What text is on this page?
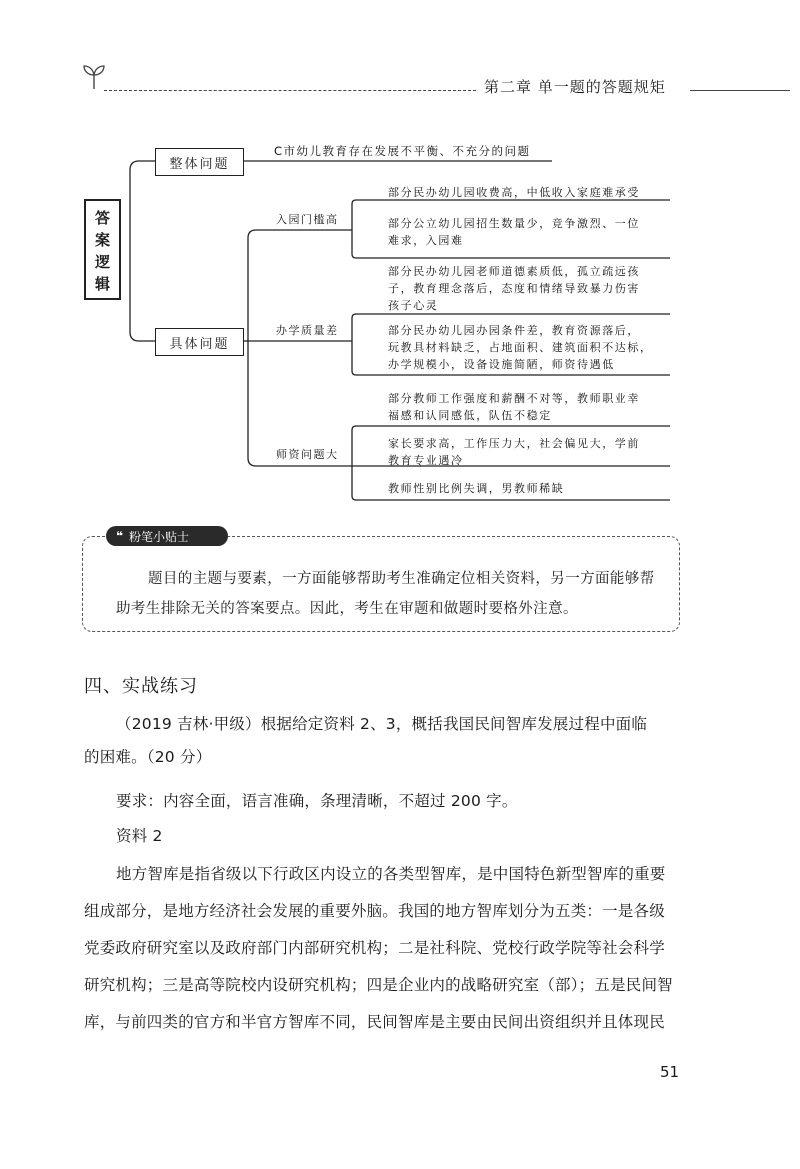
第二章 单一题的答题规矩
答
案
逻
辑
整体问题
C市幼儿教育存在发展不平衡、不充分的问题
具体问题
入园门槛高
办学质量差
师资问题大
部分民办幼儿园收费高，中低收入家庭难承受
部分公立幼儿园招生数量少，竞争激烈、一位
难求，入园难
部分民办幼儿园老师道德素质低，孤立疏远孩
子，教育理念落后，态度和情绪导致暴力伤害
孩子心灵
部分民办幼儿园办园条件差，教育资源落后，
玩教具材料缺乏，占地面积、建筑面积不达标，
办学规模小，设备设施简陋，师资待遇低
部分教师工作强度和薪酬不对等，教师职业幸
福感和认同感低，队伍不稳定
家长要求高，工作压力大，社会偏见大，学前
教育专业遇冷
教师性别比例失调，男教师稀缺
❝ 粉笔小贴士
题目的主题与要素，一方面能够帮助考生准确定位相关资料，另一方面能够帮
助考生排除无关的答案要点。因此，考生在审题和做题时要格外注意。
四、实战练习
（2019 吉林·甲级）根据给定资料 2、3，概括我国民间智库发展过程中面临
的困难。（20 分）
要求：内容全面，语言准确，条理清晰，不超过 200 字。
资料 2
地方智库是指省级以下行政区内设立的各类型智库，是中国特色新型智库的重要
组成部分，是地方经济社会发展的重要外脑。我国的地方智库划分为五类：一是各级
党委政府研究室以及政府部门内部研究机构；二是社科院、党校行政学院等社会科学
研究机构；三是高等院校内设研究机构；四是企业内的战略研究室（部）；五是民间智
库，与前四类的官方和半官方智库不同，民间智库是主要由民间出资组织并且体现民
51
